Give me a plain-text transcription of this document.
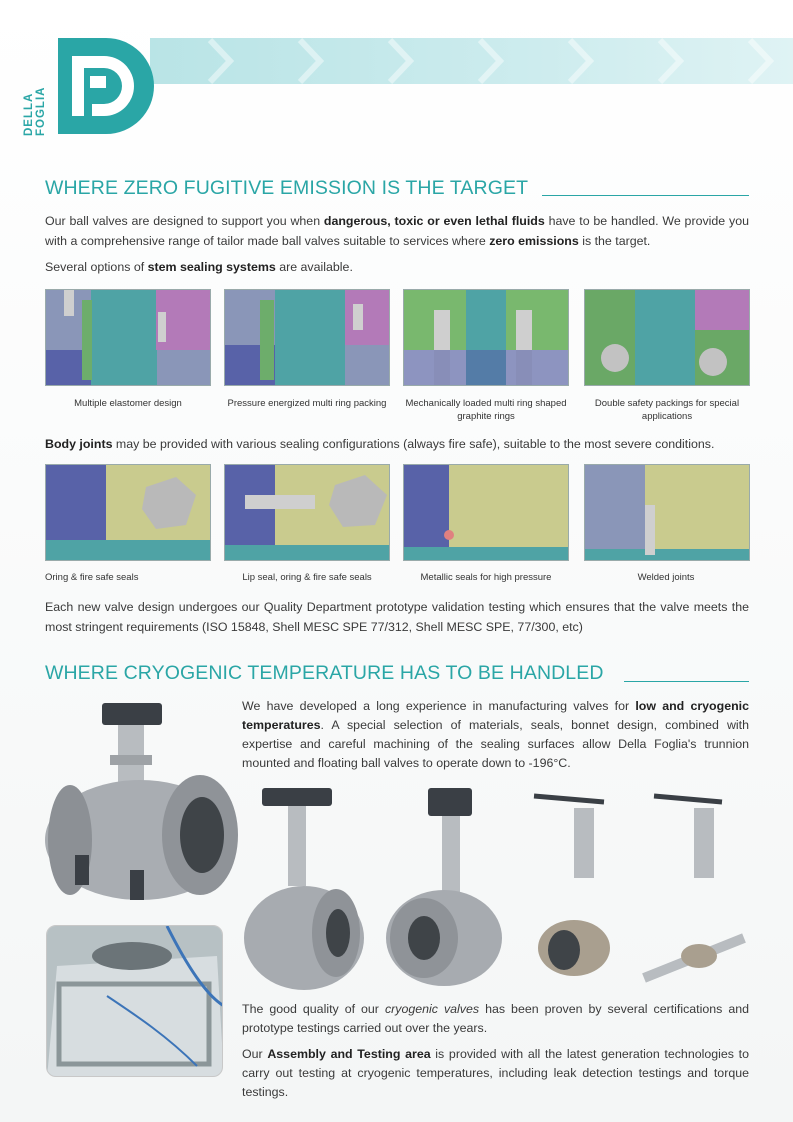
DELLA FOGLIA
WHERE ZERO FUGITIVE EMISSION IS THE TARGET
Our ball valves are designed to support you when dangerous, toxic or even lethal fluids have to be handled. We provide you with a comprehensive range of tailor made ball valves suitable to services where zero emissions is the target.
Several options of stem sealing systems are available.
Multiple elastomer design	Pressure energized multi ring packing	Mechanically loaded multi ring shaped graphite rings
Double safety packings for special applications
Body joints may be provided with various sealing configurations (always fire safe), suitable to the most severe conditions.
Oring & fire safe seals	Lip seal, oring & fire safe seals	Metallic seals for high pressure	Welded joints
Each new valve design undergoes our Quality Department prototype validation testing which ensures that the valve meets the most stringent requirements (ISO 15848, Shell MESC SPE 77/312, Shell MESC SPE, 77/300, etc)
WHERE CRYOGENIC TEMPERATURE HAS TO BE HANDLED
We have developed a long experience in manufacturing valves for low and cryogenic temperatures. A special selection of materials, seals, bonnet design, combined with expertise and careful machining of the sealing surfaces allow Della Foglia's trunnion mounted and floating ball valves to operate down to -196°C.
The good quality of our cryogenic valves has been proven by several certifications and prototype testings carried out over the years.
Our Assembly and Testing area is provided with all the latest generation technologies to carry out testing at cryogenic temperatures, including leak detection testings and torque testings.
